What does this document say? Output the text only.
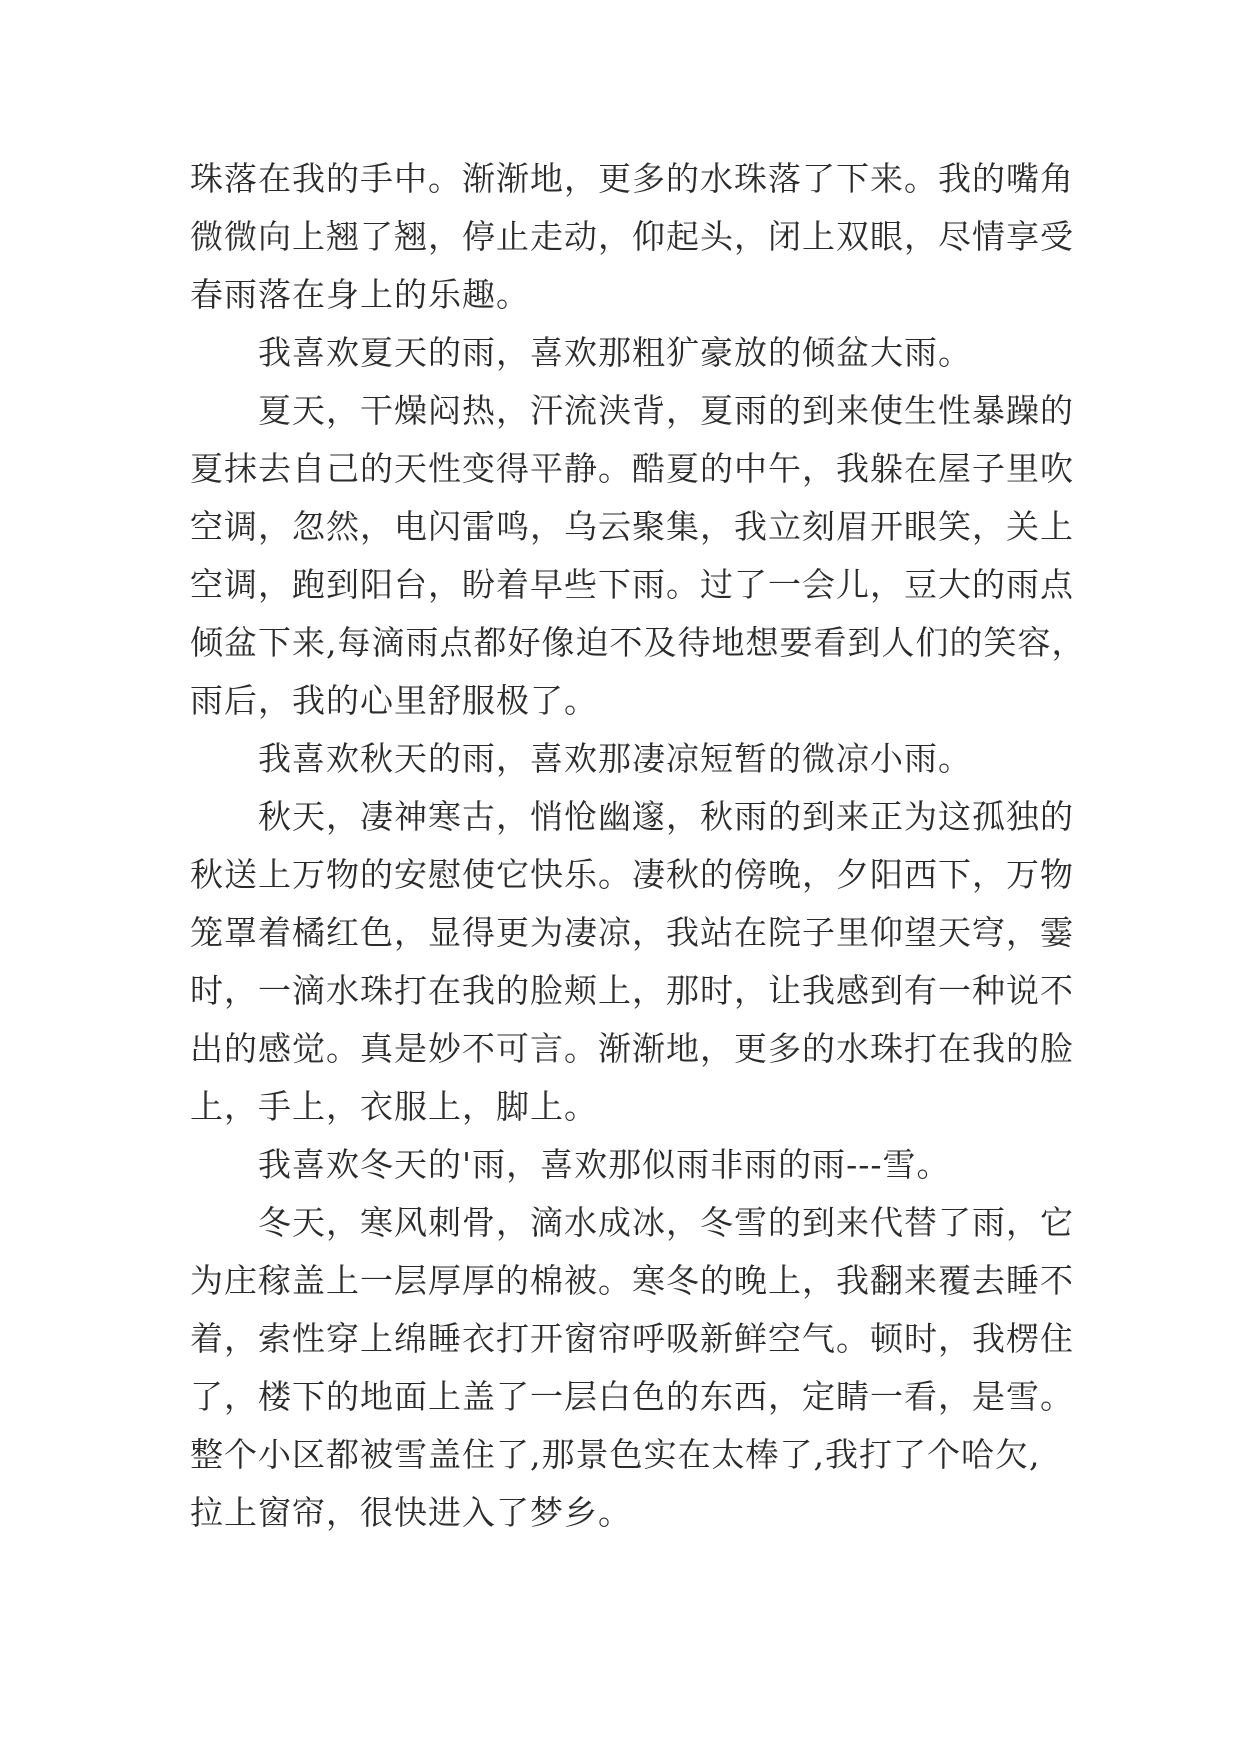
珠落在我的手中。渐渐地，更多的水珠落了下来。我的嘴角
微微向上翘了翘，停止走动，仰起头，闭上双眼，尽情享受
春雨落在身上的乐趣。
我喜欢夏天的雨，喜欢那粗犷豪放的倾盆大雨。
夏天，干燥闷热，汗流浃背，夏雨的到来使生性暴躁的
夏抹去自己的天性变得平静。酷夏的中午，我躲在屋子里吹
空调，忽然，电闪雷鸣，乌云聚集，我立刻眉开眼笑，关上
空调，跑到阳台，盼着早些下雨。过了一会儿，豆大的雨点
倾盆下来,每滴雨点都好像迫不及待地想要看到人们的笑容，
雨后，我的心里舒服极了。
我喜欢秋天的雨，喜欢那凄凉短暂的微凉小雨。
秋天，凄神寒古，悄怆幽邃，秋雨的到来正为这孤独的
秋送上万物的安慰使它快乐。凄秋的傍晚，夕阳西下，万物
笼罩着橘红色，显得更为凄凉，我站在院子里仰望天穹，霎
时，一滴水珠打在我的脸颊上，那时，让我感到有一种说不
出的感觉。真是妙不可言。渐渐地，更多的水珠打在我的脸
上，手上，衣服上，脚上。
我喜欢冬天的'雨，喜欢那似雨非雨的雨---雪。
冬天，寒风刺骨，滴水成冰，冬雪的到来代替了雨，它
为庄稼盖上一层厚厚的棉被。寒冬的晚上，我翻来覆去睡不
着，索性穿上绵睡衣打开窗帘呼吸新鲜空气。顿时，我楞住
了，楼下的地面上盖了一层白色的东西，定睛一看，是雪。
整个小区都被雪盖住了,那景色实在太棒了,我打了个哈欠,
拉上窗帘，很快进入了梦乡。
